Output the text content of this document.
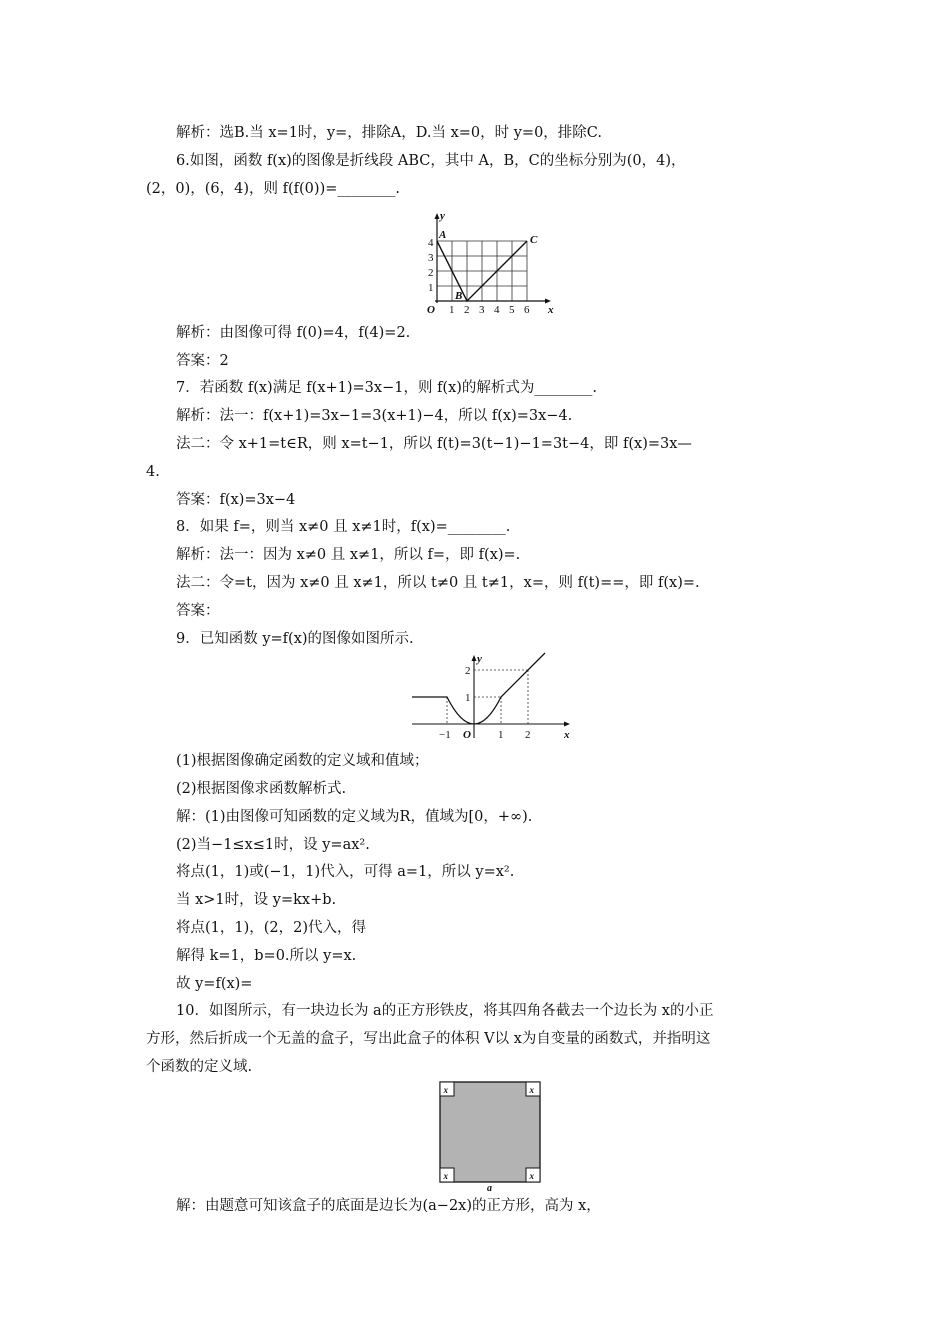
解析：选B.当 x=1时，y=，排除A，D.当 x=0，时 y=0，排除C.
6.如图，函数 f(x)的图像是折线段 ABC，其中 A，B，C的坐标分别为(0，4)，
(2，0)，(6，4)，则 f(f(0))=________.
y
x
O
1
2
3
4
1 2 3 4 5 6
A
B
C
解析：由图像可得 f(0)=4，f(4)=2.
答案：2
7．若函数 f(x)满足 f(x+1)=3x−1，则 f(x)的解析式为________.
解析：法一：f(x+1)=3x−1=3(x+1)−4，所以 f(x)=3x−4.
法二：令 x+1=t∈R，则 x=t−1，所以 f(t)=3(t−1)−1=3t−4，即 f(x)=3x—
4.
答案：f(x)=3x−4
8．如果 f=，则当 x≠0 且 x≠1时，f(x)=________.
解析：法一：因为 x≠0 且 x≠1，所以 f=，即 f(x)=.
法二：令=t，因为 x≠0 且 x≠1，所以 t≠0 且 t≠1，x=，则 f(t)==，即 f(x)=.
答案：
9．已知函数 y=f(x)的图像如图所示.
y
x
O
2
1
−1	1 2
(1)根据图像确定函数的定义域和值域；
(2)根据图像求函数解析式.
解：(1)由图像可知函数的定义域为R，值域为[0，+∞).
(2)当−1≤x≤1时，设 y=ax².
将点(1，1)或(−1，1)代入，可得 a=1，所以 y=x².
当 x>1时，设 y=kx+b.
将点(1，1)，(2，2)代入，得
解得 k=1，b=0.所以 y=x.
故 y=f(x)=
10．如图所示，有一块边长为 a的正方形铁皮，将其四角各截去一个边长为 x的小正
方形，然后折成一个无盖的盒子，写出此盒子的体积 V以 x为自变量的函数式，并指明这
个函数的定义域.
x	x
x	x
a
解：由题意可知该盒子的底面是边长为(a−2x)的正方形，高为 x，
